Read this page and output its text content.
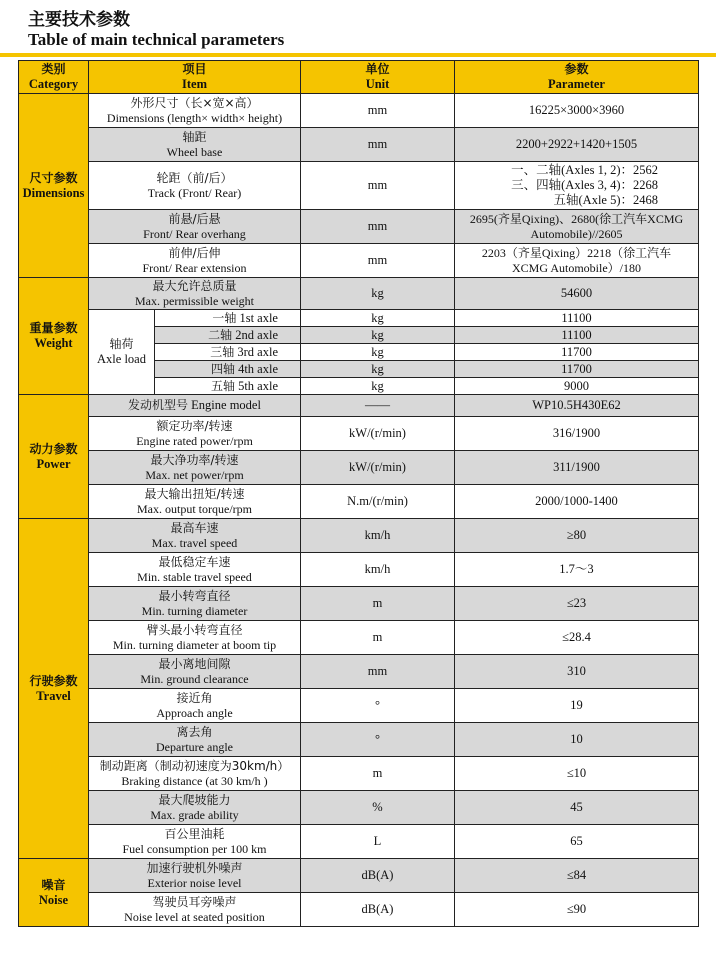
主要技术参数
Table of main technical parameters
类别
Category	项目
Item		单位
Unit	参数
Parameter

尺寸参数
Dimensions	外形尺寸（长×宽×高）
Dimensions (length× width× height)		mm	16225×3000×3960

	轴距
Wheel base		mm	2200+2922+1420+1505

	轮距（前/后）
Track (Front/ Rear)		mm	一、二轴(Axles 1, 2)：2562
三、四轴(Axles 3, 4)：2268
五轴(Axle 5)：2468

	前悬/后悬
Front/ Rear overhang		mm	2695(齐星Qixing)、2680(徐工汽车XCMG
Automobile)//2605

	前伸/后伸
Front/ Rear extension		mm	2203（齐星Qixing）2218（徐工汽车
XCMG Automobile）/180

重量参数
Weight	最大允许总质量
Max. permissible weight		kg	54600

	轴荷
Axle load	一轴 1st axle	kg	11100
		二轴 2nd axle	kg	11100
		三轴 3rd axle	kg	11700
		四轴 4th axle	kg	11700
		五轴 5th axle	kg	9000

动力参数
Power	发动机型号 Engine model		——	WP10.5H430E62

	额定功率/转速
Engine rated power/rpm		kW/(r/min)	316/1900

	最大净功率/转速
Max. net power/rpm		kW/(r/min)	311/1900

	最大输出扭矩/转速
Max. output torque/rpm		N.m/(r/min)	2000/1000-1400

行驶参数
Travel	最高车速
Max. travel speed		km/h	≥80

	最低稳定车速
Min. stable travel speed		km/h	1.7～3

	最小转弯直径
Min. turning diameter		m	≤23

	臂头最小转弯直径
Min. turning diameter at boom tip		m	≤28.4

	最小离地间隙
Min. ground clearance		mm	310

	接近角
Approach angle		°	19

	离去角
Departure angle		°	10

	制动距离（制动初速度为30km/h）
Braking distance (at 30 km/h )		m	≤10

	最大爬坡能力
Max. grade ability		%	45

	百公里油耗
Fuel consumption per 100 km		L	65

噪音
Noise	加速行驶机外噪声
Exterior noise level		dB(A)	≤84

	驾驶员耳旁噪声
Noise level at seated position		dB(A)	≤90
